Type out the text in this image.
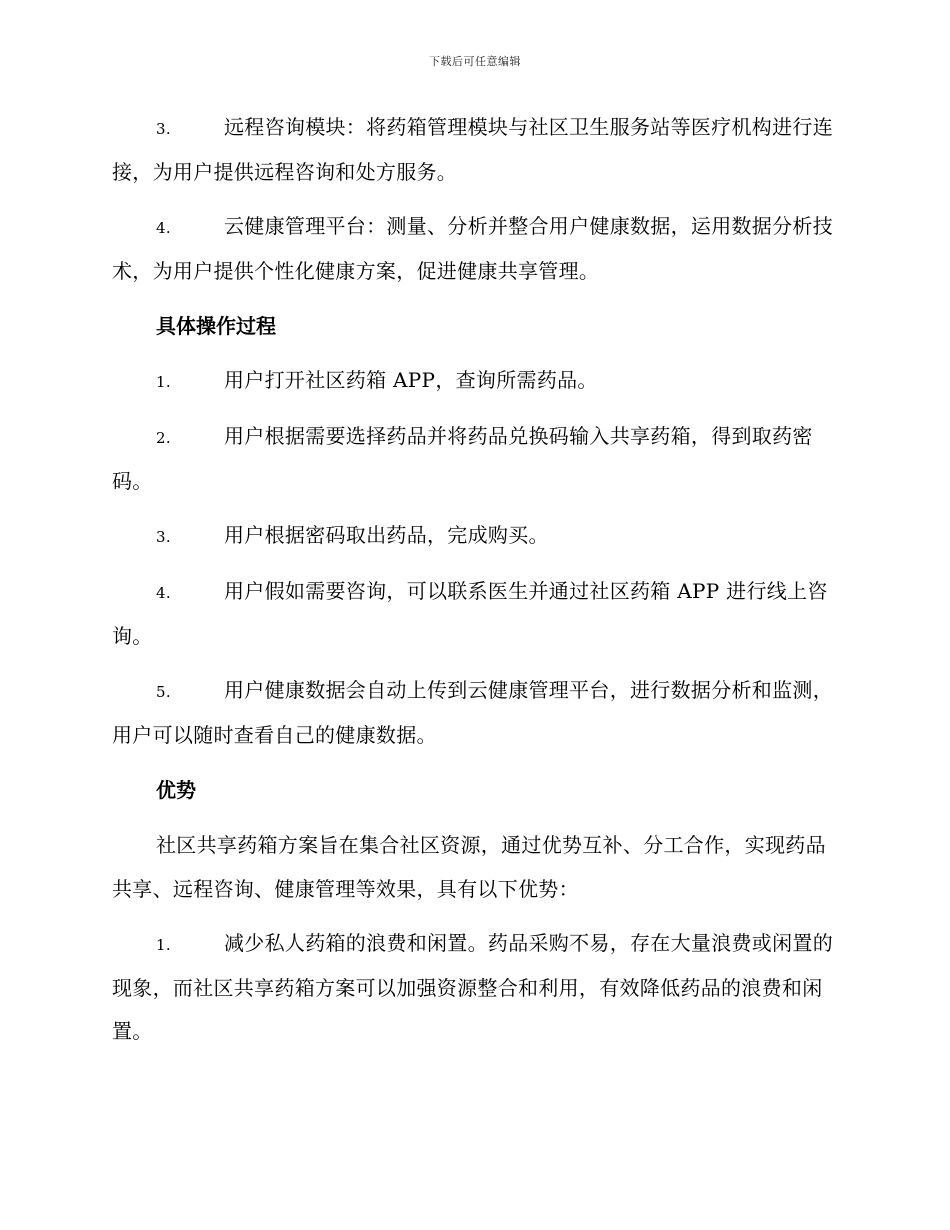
下载后可任意编辑

3.	远程咨询模块：将药箱管理模块与社区卫生服务站等医疗机构进行连接，为用户提供远程咨询和处方服务。

4.	云健康管理平台：测量、分析并整合用户健康数据，运用数据分析技术，为用户提供个性化健康方案，促进健康共享管理。

具体操作过程

1.	用户打开社区药箱 APP，查询所需药品。

2.	用户根据需要选择药品并将药品兑换码输入共享药箱，得到取药密码。

3.	用户根据密码取出药品，完成购买。

4.	用户假如需要咨询，可以联系医生并通过社区药箱 APP 进行线上咨询。

5.	用户健康数据会自动上传到云健康管理平台，进行数据分析和监测，用户可以随时查看自己的健康数据。

优势

社区共享药箱方案旨在集合社区资源，通过优势互补、分工合作，实现药品共享、远程咨询、健康管理等效果，具有以下优势：

1.	减少私人药箱的浪费和闲置。药品采购不易，存在大量浪费或闲置的现象，而社区共享药箱方案可以加强资源整合和利用，有效降低药品的浪费和闲置。
